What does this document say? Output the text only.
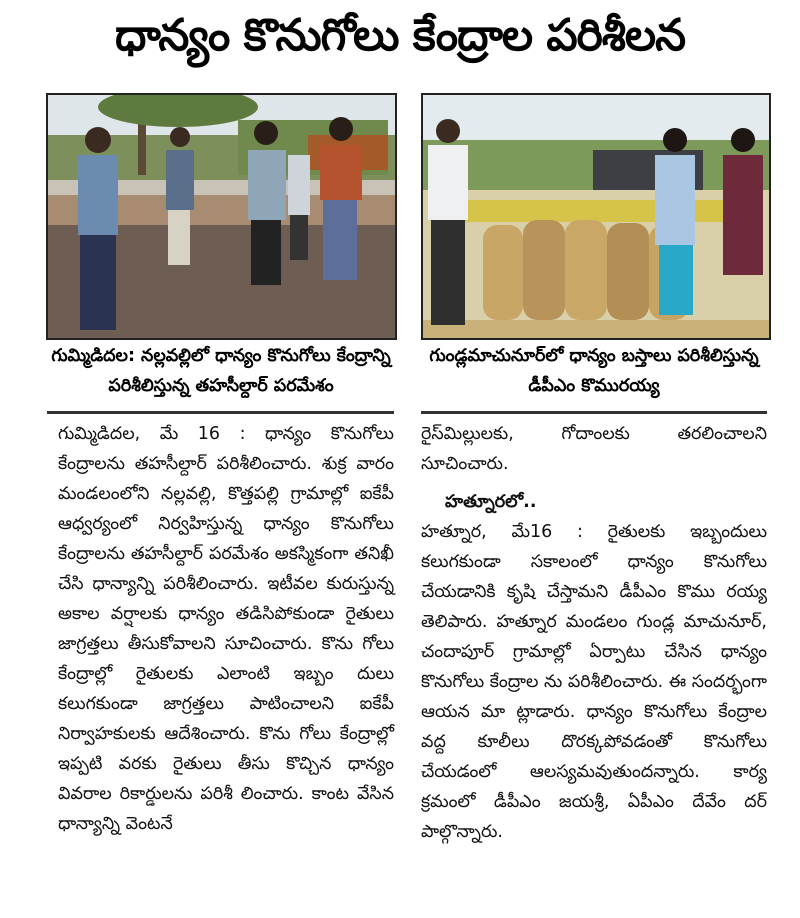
ధాన్యం కొనుగోలు కేంద్రాల పరిశీలన
గుమ్మిడిదల: నల్లవల్లిలో ధాన్యం కొనుగోలు కేంద్రాన్ని పరిశీలిస్తున్న తహసీల్దార్ పరమేశం
గుండ్లమాచునూర్‌లో ధాన్యం బస్తాలు పరిశీలిస్తున్న డీపీఎం కొమురయ్య

గుమ్మిడిదల, మే 16 : ధాన్యం కొనుగోలు కేంద్రాలను తహసీల్దార్ పరిశీలించారు. శుక్ర వారం మండలంలోని నల్లవల్లి, కొత్తపల్లి గ్రామాల్లో ఐకేపీ ఆధ్వర్యంలో నిర్వహిస్తున్న ధాన్యం కొనుగోలు కేంద్రాలను తహసీల్దార్ పరమేశం అకస్మికంగా తనిఖీ చేసి ధాన్యాన్ని పరిశీలించారు. ఇటీవల కురుస్తున్న అకాల వర్షాలకు ధాన్యం తడిసిపోకుండా రైతులు జాగ్రత్తలు తీసుకోవాలని సూచించారు. కొను గోలు కేంద్రాల్లో రైతులకు ఎలాంటి ఇబ్బం దులు కలుగకుండా జాగ్రత్తలు పాటించాలని ఐకేపీ నిర్వాహకులకు ఆదేశించారు. కొను గోలు కేంద్రాల్లో ఇప్పటి వరకు రైతులు తీసు కొచ్చిన ధాన్యం వివరాల రికార్డులను పరిశీ లించారు. కాంట వేసిన ధాన్యాన్ని వెంటనే

రైస్‌మిల్లులకు, గోదాంలకు తరలించాలని సూచించారు.

హత్నూరలో..

హత్నూర, మే16 : రైతులకు ఇబ్బందులు కలుగకుండా సకాలంలో ధాన్యం కొనుగోలు చేయడానికి కృషి చేస్తామని డీపీఎం కొము రయ్య తెలిపారు. హత్నూర మండలం గుండ్ల మాచునూర్, చందాపూర్ గ్రామాల్లో ఏర్పాటు చేసిన ధాన్యం కొనుగోలు కేంద్రాల ను పరిశీలించారు. ఈ సందర్భంగా ఆయన మా ట్లాడారు. ధాన్యం కొనుగోలు కేంద్రాల వద్ద కూలీలు దొరక్కపోవడంతో కొనుగోలు చేయడంలో ఆలస్యమవుతుందన్నారు. కార్య క్రమంలో డీపీఎం జయశ్రీ, ఏపీఎం దేవేం దర్ పాల్గొన్నారు.
